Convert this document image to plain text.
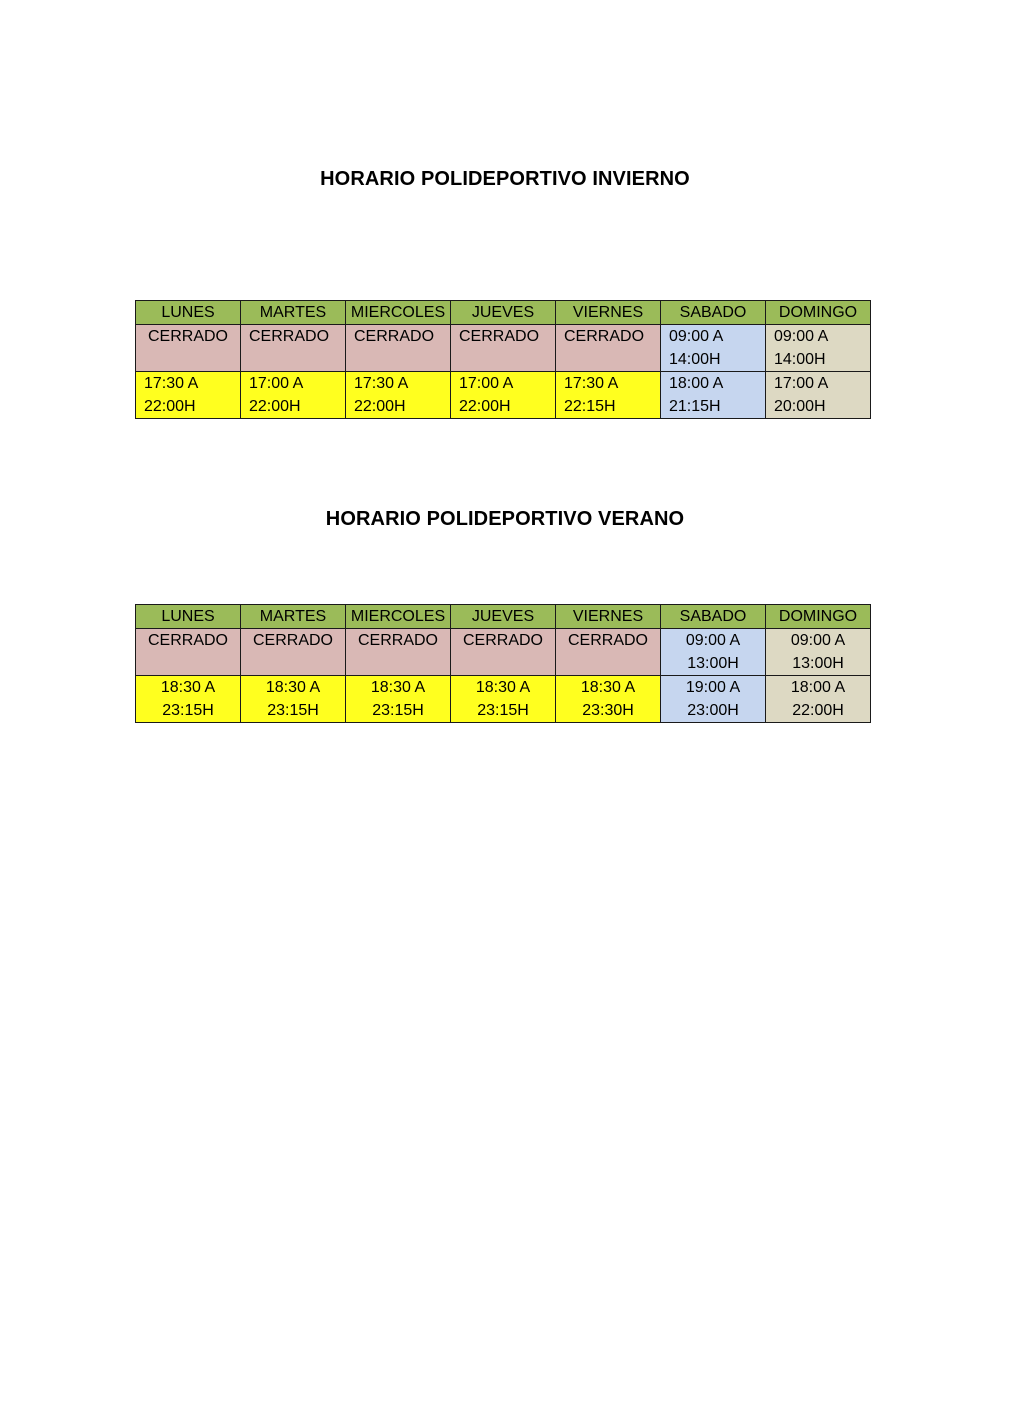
HORARIO POLIDEPORTIVO INVIERNO
LUNES	MARTES	MIERCOLES	JUEVES	VIERNES	SABADO	DOMINGO

CERRADO	CERRADO	CERRADO	CERRADO	CERRADO	09:00 A
14:00H	09:00 A
14:00H

17:30 A
22:00H	17:00 A
22:00H	17:30 A
22:00H	17:00 A
22:00H	17:30 A
22:15H	18:00 A
21:15H	17:00 A
20:00H
HORARIO POLIDEPORTIVO VERANO
LUNES	MARTES	MIERCOLES	JUEVES	VIERNES	SABADO	DOMINGO

CERRADO	CERRADO	CERRADO	CERRADO	CERRADO	09:00 A
13:00H	09:00 A
13:00H

18:30 A
23:15H	18:30 A
23:15H	18:30 A
23:15H	18:30 A
23:15H	18:30 A
23:30H	19:00 A
23:00H	18:00 A
22:00H
